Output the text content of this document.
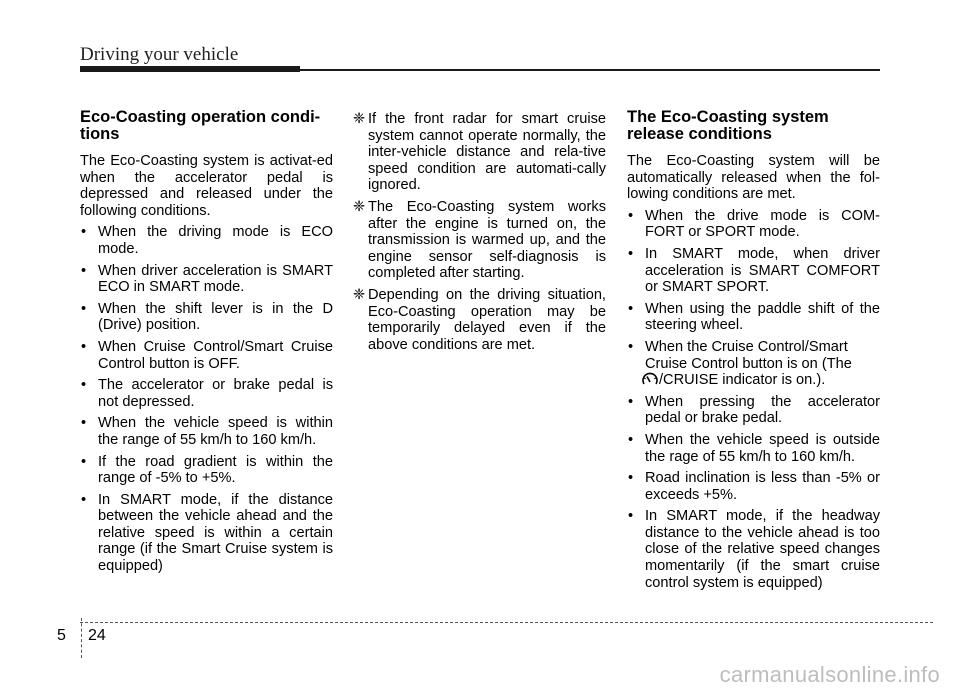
Driving your vehicle
Eco-Coasting operation condi-tions

The Eco-Coasting system is activat-ed when the accelerator pedal is depressed and released under the following conditions.

• When the driving mode is ECO mode.
• When driver acceleration is SMART ECO in SMART mode.
• When the shift lever is in the D (Drive) position.
• When Cruise Control/Smart Cruise Control button is OFF.
• The accelerator or brake pedal is not depressed.
• When the vehicle speed is within the range of 55 km/h to 160 km/h.
• If the road gradient is within the range of -5% to +5%.
• In SMART mode, if the distance between the vehicle ahead and the relative speed is within a certain range (if the Smart Cruise system is equipped)
❈ If the front radar for smart cruise system cannot operate normally, the inter-vehicle distance and rela-tive speed condition are automati-cally ignored.
❈ The Eco-Coasting system works after the engine is turned on, the transmission is warmed up, and the engine sensor self-diagnosis is completed after starting.
❈ Depending on the driving situation, Eco-Coasting operation may be temporarily delayed even if the above conditions are met.
The Eco-Coasting system release conditions

The Eco-Coasting system will be automatically released when the fol-lowing conditions are met.

• When the drive mode is COM-FORT or SPORT mode.
• In SMART mode, when driver acceleration is SMART COMFORT or SMART SPORT.
• When using the paddle shift of the steering wheel.
• When the Cruise Control/Smart Cruise Control button is on (The
/CRUISE indicator is on.).
• When pressing the accelerator pedal or brake pedal.
• When the vehicle speed is outside the rage of 55 km/h to 160 km/h.
• Road inclination is less than -5% or exceeds +5%.
• In SMART mode, if the headway distance to the vehicle ahead is too close of the relative speed changes momentarily (if the smart cruise control system is equipped)
5 24
carmanualsonline.info
